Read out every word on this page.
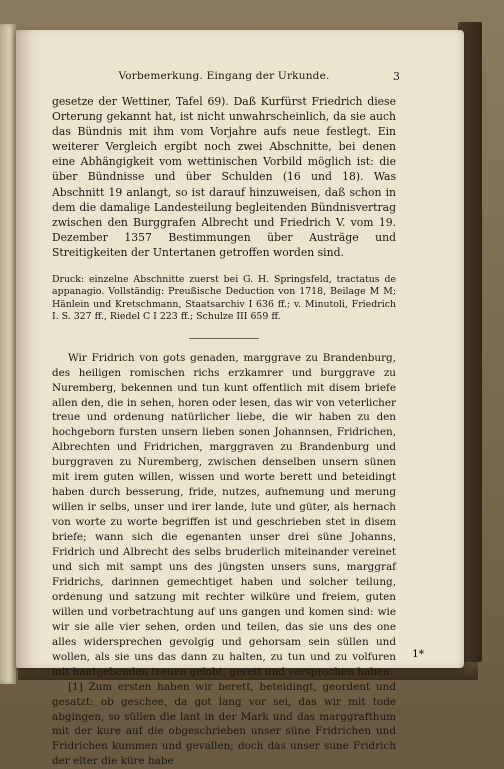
Vorbemerkung. Eingang der Urkunde.	3

gesetze der Wettiner, Tafel 69). Daß Kurfürst Friedrich diese Orterung gekannt hat, ist nicht unwahrscheinlich, da sie auch das Bündnis mit ihm vom Vorjahre aufs neue festlegt. Ein weiterer Vergleich ergibt noch zwei Abschnitte, bei denen eine Abhängigkeit vom wettinischen Vorbild möglich ist: die über Bündnisse und über Schulden (16 und 18). Was Abschnitt 19 anlangt, so ist darauf hinzuweisen, daß schon in dem die damalige Landesteilung begleitenden Bündnisvertrag zwischen den Burggrafen Albrecht und Friedrich V. vom 19. Dezember 1357 Bestimmungen über Austräge und Streitigkeiten der Untertanen getroffen worden sind.

Druck: einzelne Abschnitte zuerst bei G. H. Springsfeld, tractatus de appanagio. Vollständig: Preußische Deduction von 1718, Beilage M M; Hänlein und Kretschmann, Staatsarchiv I 636 ff.; v. Minutoli, Friedrich I. S. 327 ff., Riedel C I 223 ff.; Schulze III 659 ff.

Wir Fridrich von gots genaden, marggrave zu Brandenburg, des heiligen romischen richs erzkamrer und burggrave zu Nuremberg, bekennen und tun kunt offentlich mit disem briefe allen den, die in sehen, horen oder lesen, das wir von veterlicher treue und ordenung natürlicher liebe, die wir haben zu den hochgeborn fursten unsern lieben sonen Johannsen, Fridrichen, Albrechten und Fridrichen, marggraven zu Brandenburg und burggraven zu Nuremberg, zwischen denselben unsern sünen mit irem guten willen, wissen und worte berett und beteidingt haben durch besserung, fride, nutzes, aufnemung und merung willen ir selbs, unser und irer lande, lute und güter, als hernach von worte zu worte begriffen ist und geschrieben stet in disem briefe; wann sich die egenanten unser drei süne Johanns, Fridrich und Albrecht des selbs bruderlich miteinander vereinet und sich mit sampt uns des jüngsten unsers suns, marggraf Fridrichs, darinnen gemechtiget haben und solcher teilung, ordenung und satzung mit rechter wilküre und freiem, guten willen und vorbetrachtung auf uns gangen und komen sind: wie wir sie alle vier sehen, orden und teilen, das sie uns des one alles widersprechen gevolgig und gehorsam sein süllen und wollen, als sie uns das dann zu halten, zu tun und zu volfuren mit hantgebenden treuen gelobt, gerett und versprochen haben.

[1] Zum ersten haben wir berett, beteidingt, geordent und gesatzt: ob geschee, da got lang vor sei, das wir mit tode abgingen, so süllen die lant in der Mark und das marggrafthum mit der kure auf die obgeschrieben unser süne Fridrichen und Fridrichen kummen und gevallen; doch das unser sune Fridrich der elter die küre habe

1*
